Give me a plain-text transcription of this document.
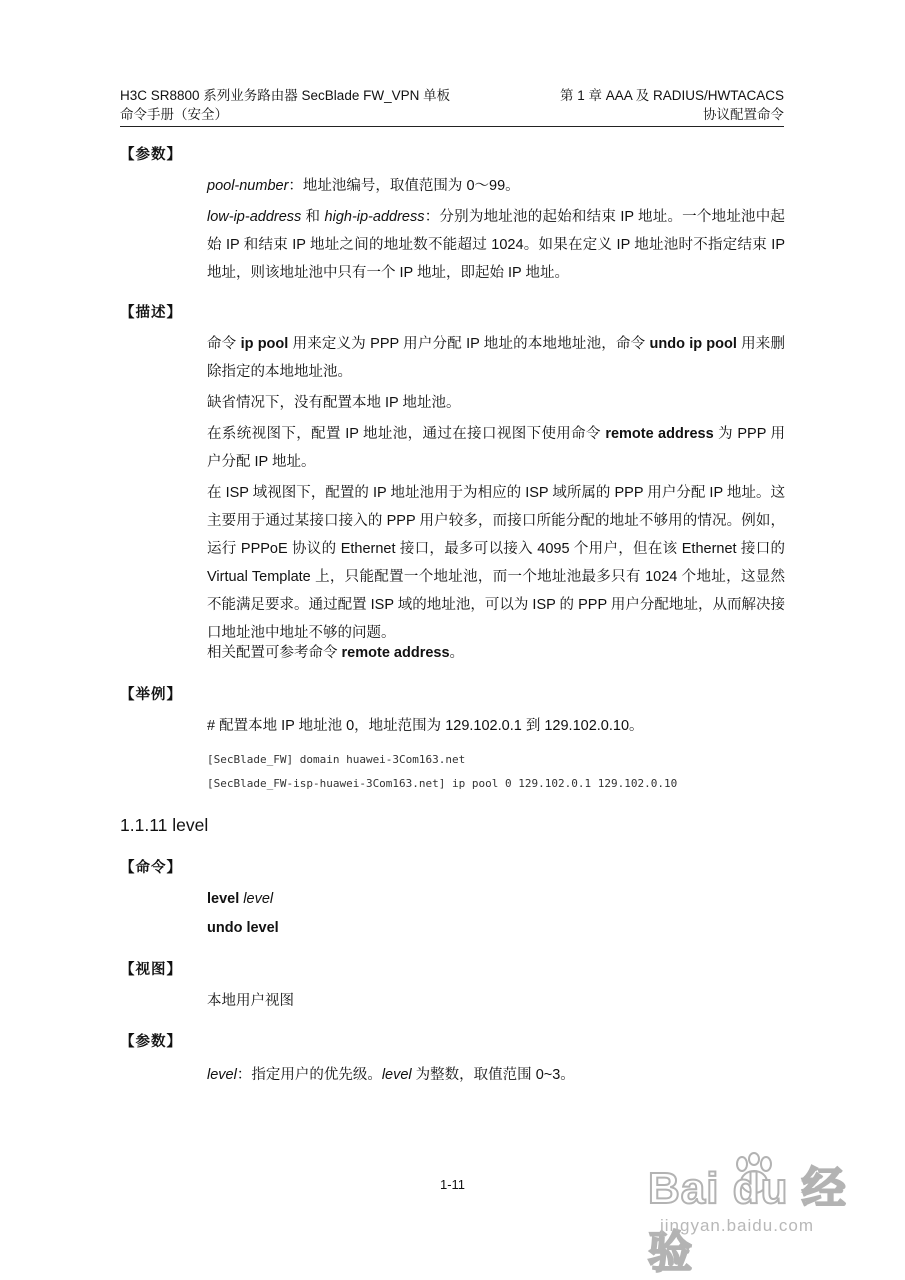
H3C SR8800 系列业务路由器 SecBlade FW_VPN 单板	第 1 章 AAA 及 RADIUS/HWTACACS
命令手册（安全）	协议配置命令
【参数】
pool-number：地址池编号，取值范围为 0～99。
low-ip-address 和 high-ip-address：分别为地址池的起始和结束 IP 地址。一个地址池中起始 IP 和结束 IP 地址之间的地址数不能超过 1024。如果在定义 IP 地址池时不指定结束 IP 地址，则该地址池中只有一个 IP 地址，即起始 IP 地址。
【描述】
命令 ip pool 用来定义为 PPP 用户分配 IP 地址的本地地址池，命令 undo ip pool 用来删除指定的本地地址池。
缺省情况下，没有配置本地 IP 地址池。
在系统视图下，配置 IP 地址池，通过在接口视图下使用命令 remote address 为 PPP 用户分配 IP 地址。
在 ISP 域视图下，配置的 IP 地址池用于为相应的 ISP 域所属的 PPP 用户分配 IP 地址。这主要用于通过某接口接入的 PPP 用户较多，而接口所能分配的地址不够用的情况。例如，运行 PPPoE 协议的 Ethernet 接口，最多可以接入 4095 个用户，但在该 Ethernet 接口的 Virtual Template 上，只能配置一个地址池，而一个地址池最多只有 1024 个地址，这显然不能满足要求。通过配置 ISP 域的地址池，可以为 ISP 的 PPP 用户分配地址，从而解决接口地址池中地址不够的问题。
相关配置可参考命令 remote address。
【举例】
# 配置本地 IP 地址池 0，地址范围为 129.102.0.1 到 129.102.0.10。
[SecBlade_FW] domain huawei-3Com163.net
[SecBlade_FW-isp-huawei-3Com163.net] ip pool 0 129.102.0.1 129.102.0.10
1.1.11 level
【命令】
level level
undo level
【视图】
本地用户视图
【参数】
level：指定用户的优先级。level 为整数，取值范围 0~3。
1-11	Bai du 经验
jingyan.baidu.com
